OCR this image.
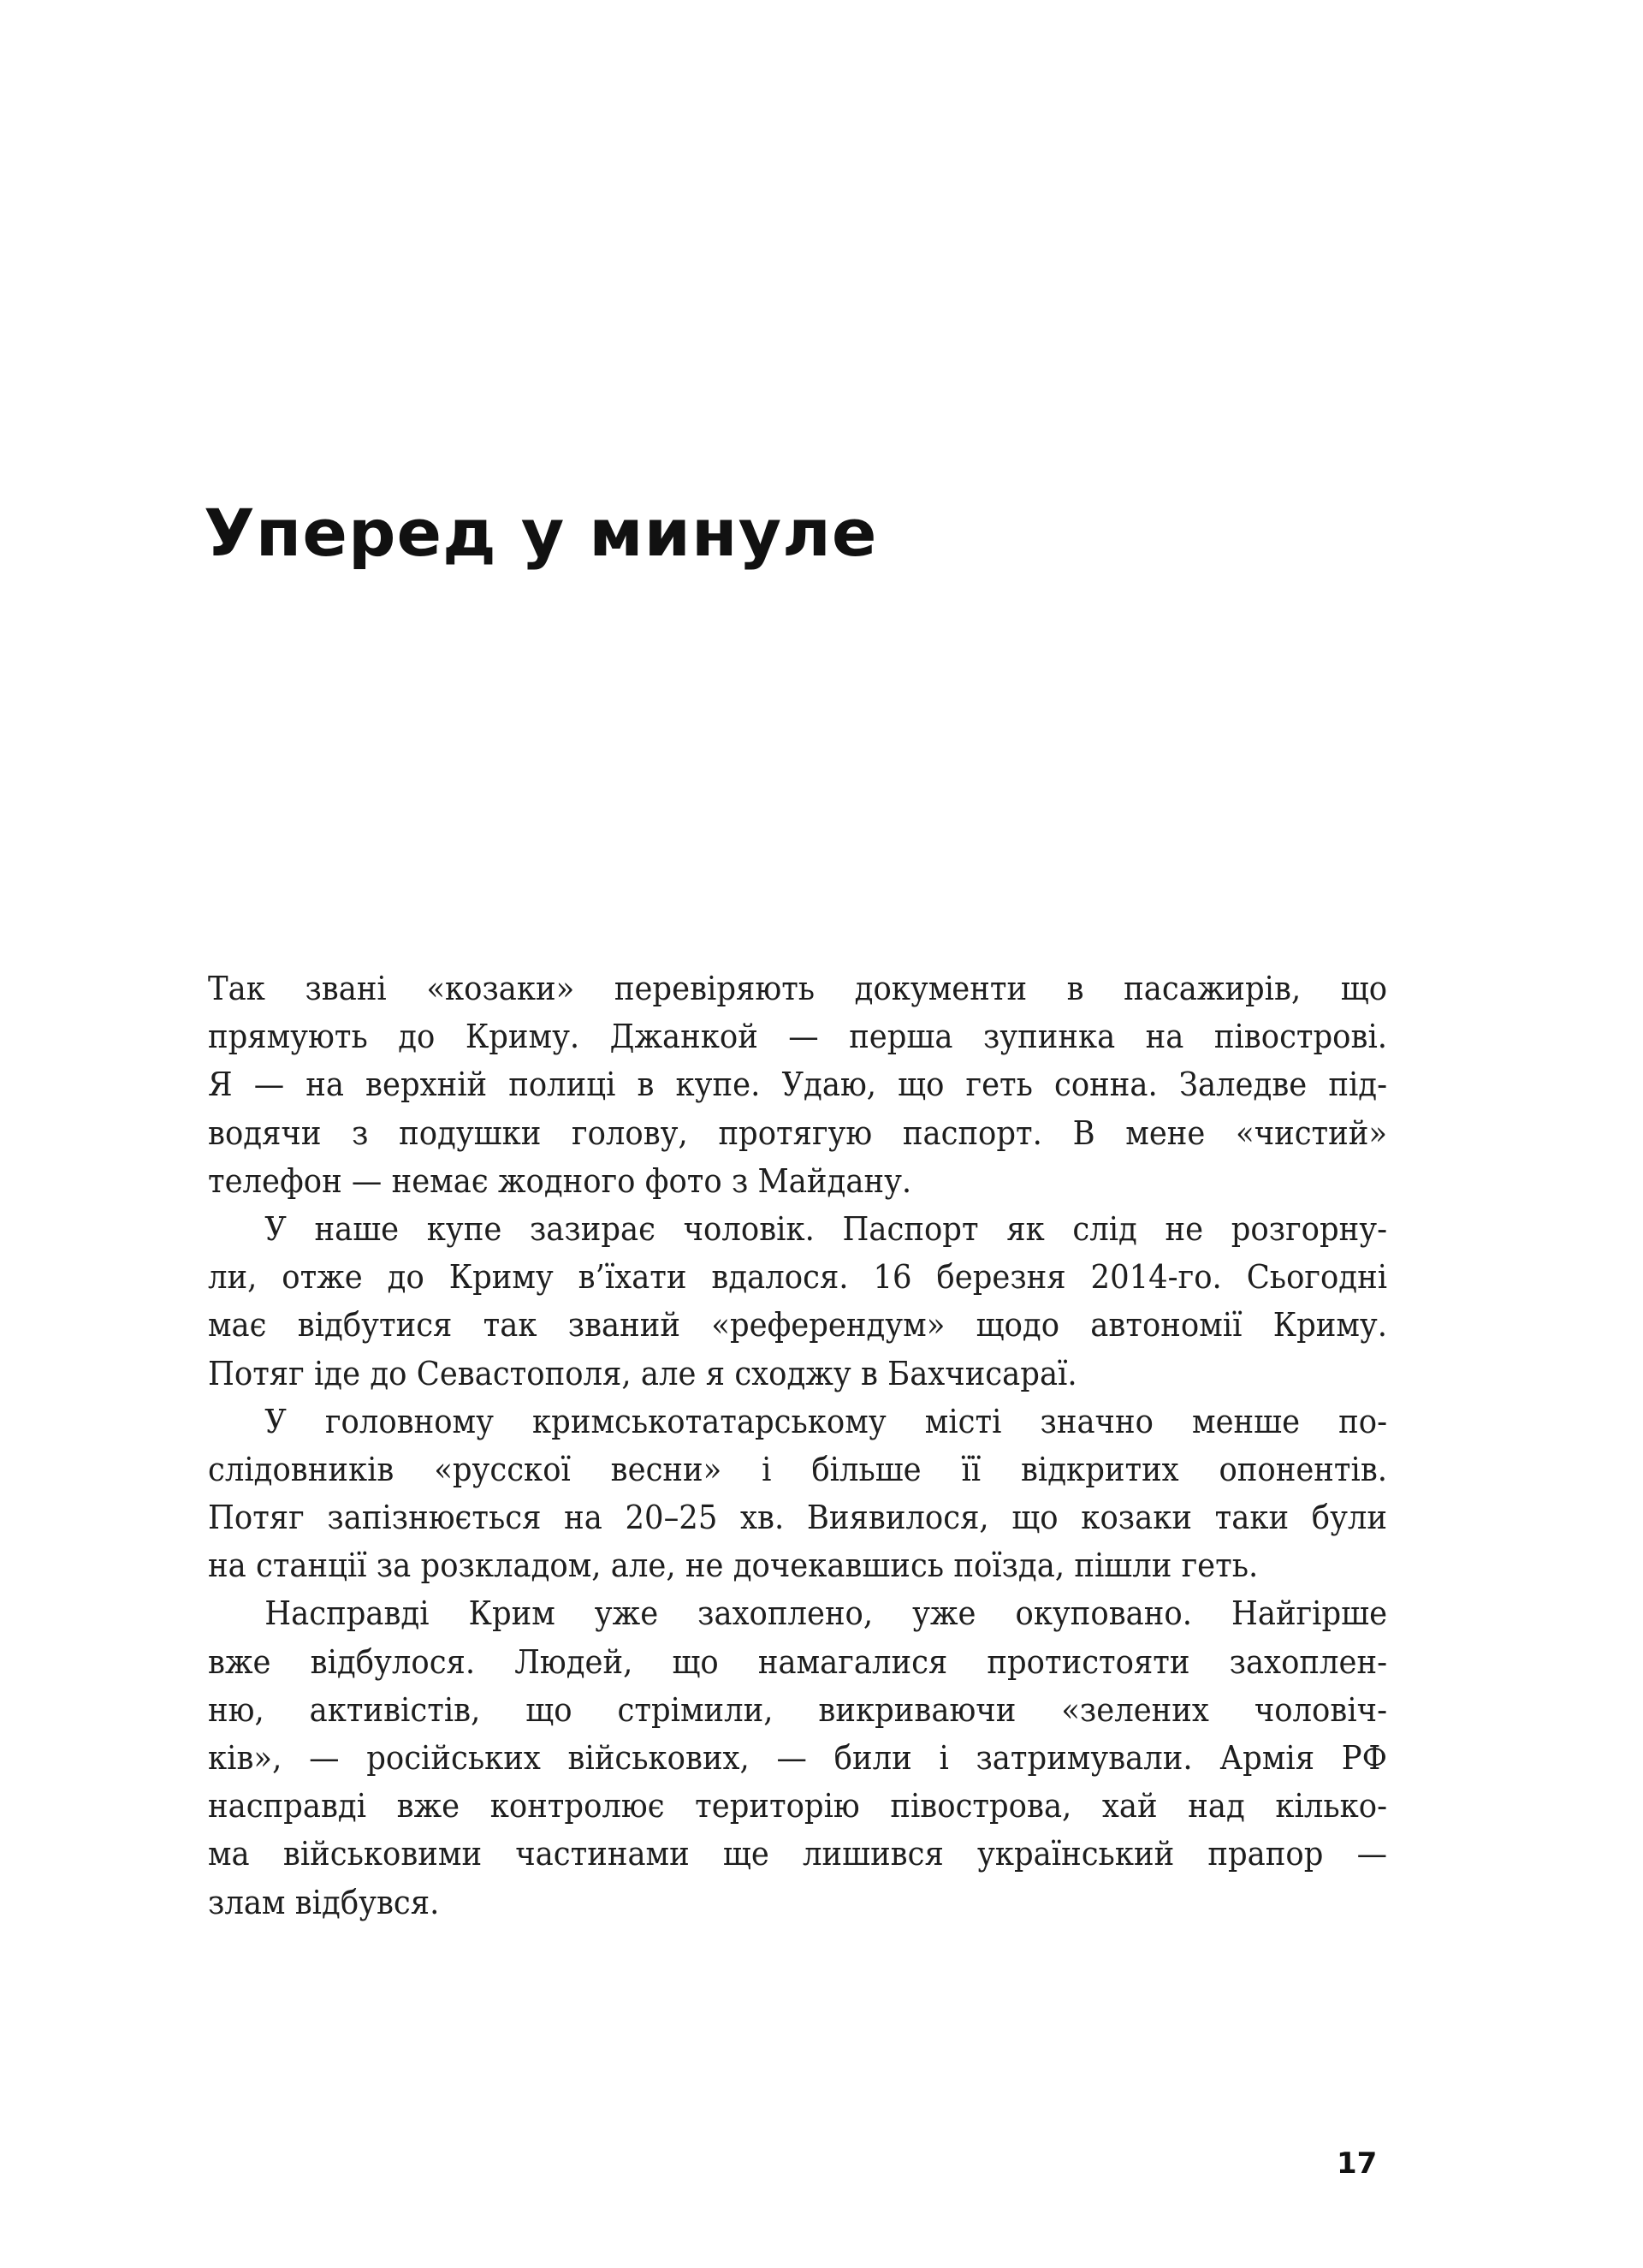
Уперед у минуле
Так звані «козаки» перевіряють документи в пасажирів, що
прямують до Криму. Джанкой — перша зупинка на півострові.
Я — на верхній полиці в купе. Удаю, що геть сонна. Заледве під-
водячи з подушки голову, протягую паспорт. В мене «чистий»
телефон — немає жодного фото з Майдану.
У наше купе зазирає чоловік. Паспорт як слід не розгорну-
ли, отже до Криму в’їхати вдалося. 16 березня 2014-го. Сьогодні
має відбутися так званий «референдум» щодо автономії Криму.
Потяг іде до Севастополя, але я сходжу в Бахчисараї.
У головному кримськотатарському місті значно менше по-
слідовників «русскої весни» і більше її відкритих опонентів.
Потяг запізнюється на 20–25 хв. Виявилося, що козаки таки були
на станції за розкладом, але, не дочекавшись поїзда, пішли геть.
Насправді Крим уже захоплено, уже окуповано. Найгірше
вже відбулося. Людей, що намагалися протистояти захоплен-
ню, активістів, що стрімили, викриваючи «зелених чоловіч-
ків», — російських військових, — били і затримували. Армія РФ
насправді вже контролює територію півострова, хай над кілько-
ма військовими частинами ще лишився український прапор —
злам відбувся.
17
